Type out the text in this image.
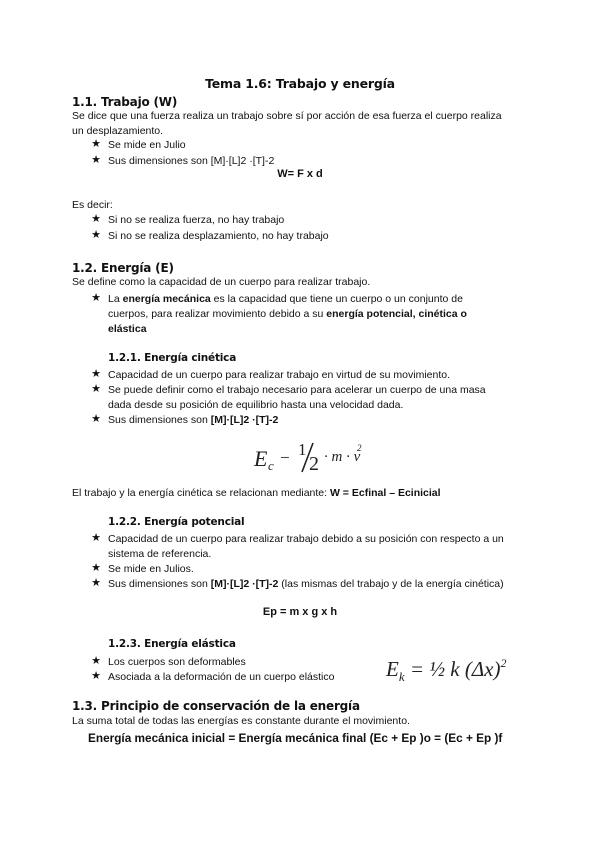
Tema 1.6: Trabajo y energía
1.1. Trabajo (W)
Se dice que una fuerza realiza un trabajo sobre sí por acción de esa fuerza el cuerpo realiza
un desplazamiento.
★ Se mide en Julio
★ Sus dimensiones son [M]·[L]2 ·[T]-2
W= F x d
Es decir:
★ Si no se realiza fuerza, no hay trabajo
★ Si no se realiza desplazamiento, no hay trabajo
1.2. Energía (E)
Se define como la capacidad de un cuerpo para realizar trabajo.
★ La energía mecánica es la capacidad que tiene un cuerpo o un conjunto de
cuerpos, para realizar movimiento debido a su energía potencial, cinética o
elástica
1.2.1. Energía cinética
★ Capacidad de un cuerpo para realizar trabajo en virtud de su movimiento.
★ Se puede definir como el trabajo necesario para acelerar un cuerpo de una masa
dada desde su posición de equilibrio hasta una velocidad dada.
★ Sus dimensiones son [M]·[L]2 ·[T]-2
E c − 1
2 · m · v
2
El trabajo y la energía cinética se relacionan mediante: W = Ecfinal – Ecinicial
1.2.2. Energía potencial
★ Capacidad de un cuerpo para realizar trabajo debido a su posición con respecto a un
sistema de referencia.
★ Se mide en Julios.
★ Sus dimensiones son [M]·[L]2 ·[T]-2 (las mismas del trabajo y de la energía cinética)
Ep = m x g x h
1.2.3. Energía elástica
★ Los cuerpos son deformables
★ Asociada a la deformación de un cuerpo elástico $E_k$ = ½ k $(\Delta x)^2$
1.3. Principio de conservación de la energía
La suma total de todas las energías es constante durante el movimiento.
Energía mecánica inicial = Energía mecánica final (Ec + Ep )o = (Ec + Ep )f
